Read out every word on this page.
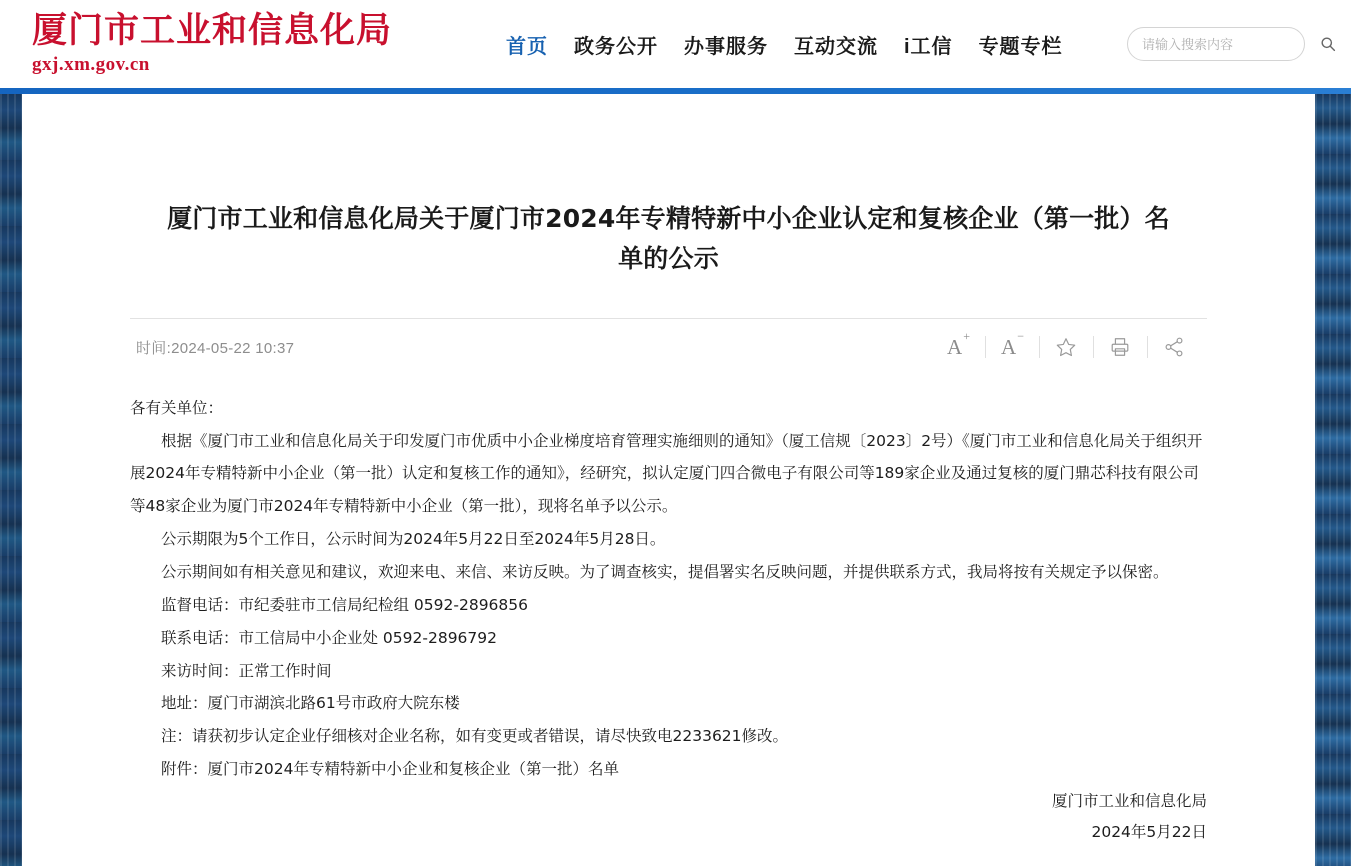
厦门市工业和信息化局
gxj.xm.gov.cn
首页 政务公开 办事服务 互动交流 i工信 专题专栏
请输入搜索内容
厦门市工业和信息化局关于厦门市2024年专精特新中小企业认定和复核企业（第一批）名单的公示
时间:2024-05-22 10:37	A+ A−

各有关单位：

根据《厦门市工业和信息化局关于印发厦门市优质中小企业梯度培育管理实施细则的通知》（厦工信规〔2023〕2号）《厦门市工业和信息化局关于组织开展2024年专精特新中小企业（第一批）认定和复核工作的通知》，经研究，拟认定厦门四合微电子有限公司等189家企业及通过复核的厦门鼎芯科技有限公司等48家企业为厦门市2024年专精特新中小企业（第一批），现将名单予以公示。

公示期限为5个工作日，公示时间为2024年5月22日至2024年5月28日。

公示期间如有相关意见和建议，欢迎来电、来信、来访反映。为了调查核实，提倡署实名反映问题，并提供联系方式，我局将按有关规定予以保密。

监督电话：市纪委驻市工信局纪检组 0592-2896856

联系电话：市工信局中小企业处 0592-2896792

来访时间：正常工作时间

地址：厦门市湖滨北路61号市政府大院东楼

注：请获初步认定企业仔细核对企业名称，如有变更或者错误，请尽快致电2233621修改。

附件：厦门市2024年专精特新中小企业和复核企业（第一批）名单

厦门市工业和信息化局

2024年5月22日
